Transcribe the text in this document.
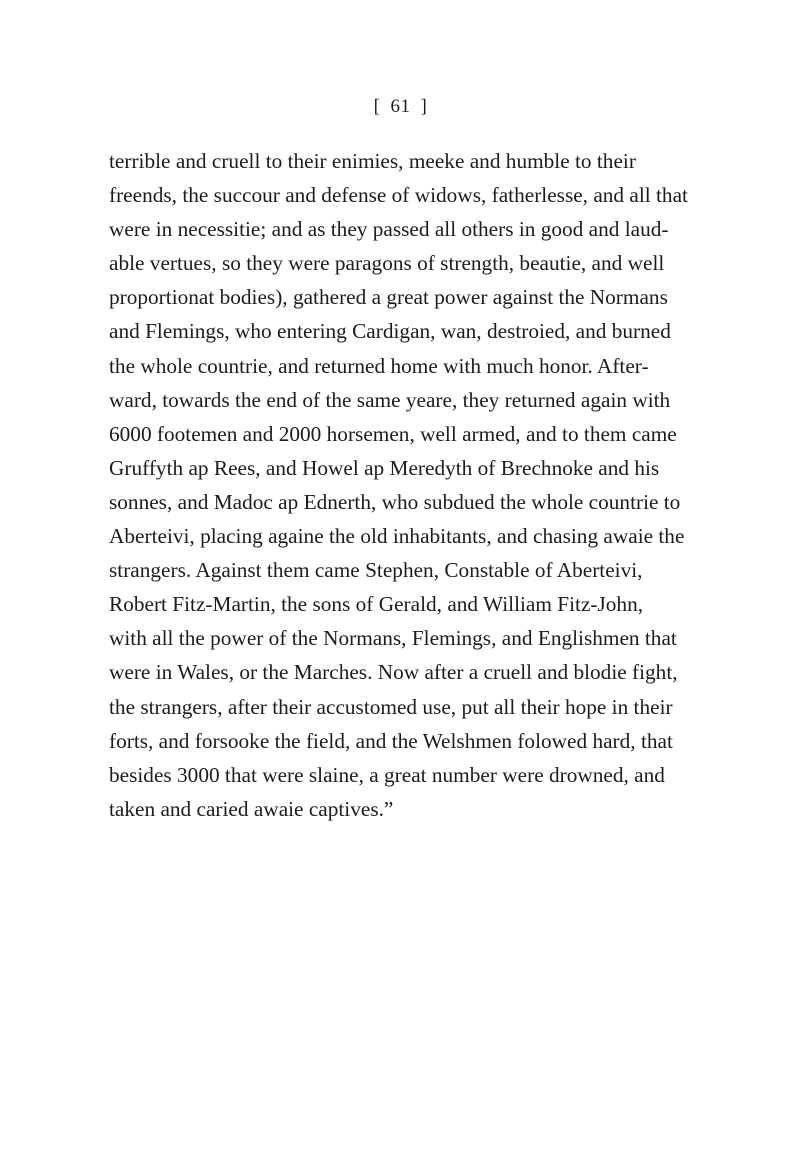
[ 61 ]
terrible and cruell to their enimies, meeke and humble to their
freends, the succour and defense of widows, fatherlesse, and all that
were in necessitie; and as they passed all others in good and laud-
able vertues, so they were paragons of strength, beautie, and well
proportionat bodies), gathered a great power against the Normans
and Flemings, who entering Cardigan, wan, destroied, and burned
the whole countrie, and returned home with much honor. After-
ward, towards the end of the same yeare, they returned again with
6000 footemen and 2000 horsemen, well armed, and to them came
Gruffyth ap Rees, and Howel ap Meredyth of Brechnoke and his
sonnes, and Madoc ap Ednerth, who subdued the whole countrie to
Aberteivi, placing againe the old inhabitants, and chasing awaie the
strangers. Against them came Stephen, Constable of Aberteivi,
Robert Fitz-Martin, the sons of Gerald, and William Fitz-John,
with all the power of the Normans, Flemings, and Englishmen that
were in Wales, or the Marches. Now after a cruell and blodie fight,
the strangers, after their accustomed use, put all their hope in their
forts, and forsooke the field, and the Welshmen folowed hard, that
besides 3000 that were slaine, a great number were drowned, and
taken and caried awaie captives.”
